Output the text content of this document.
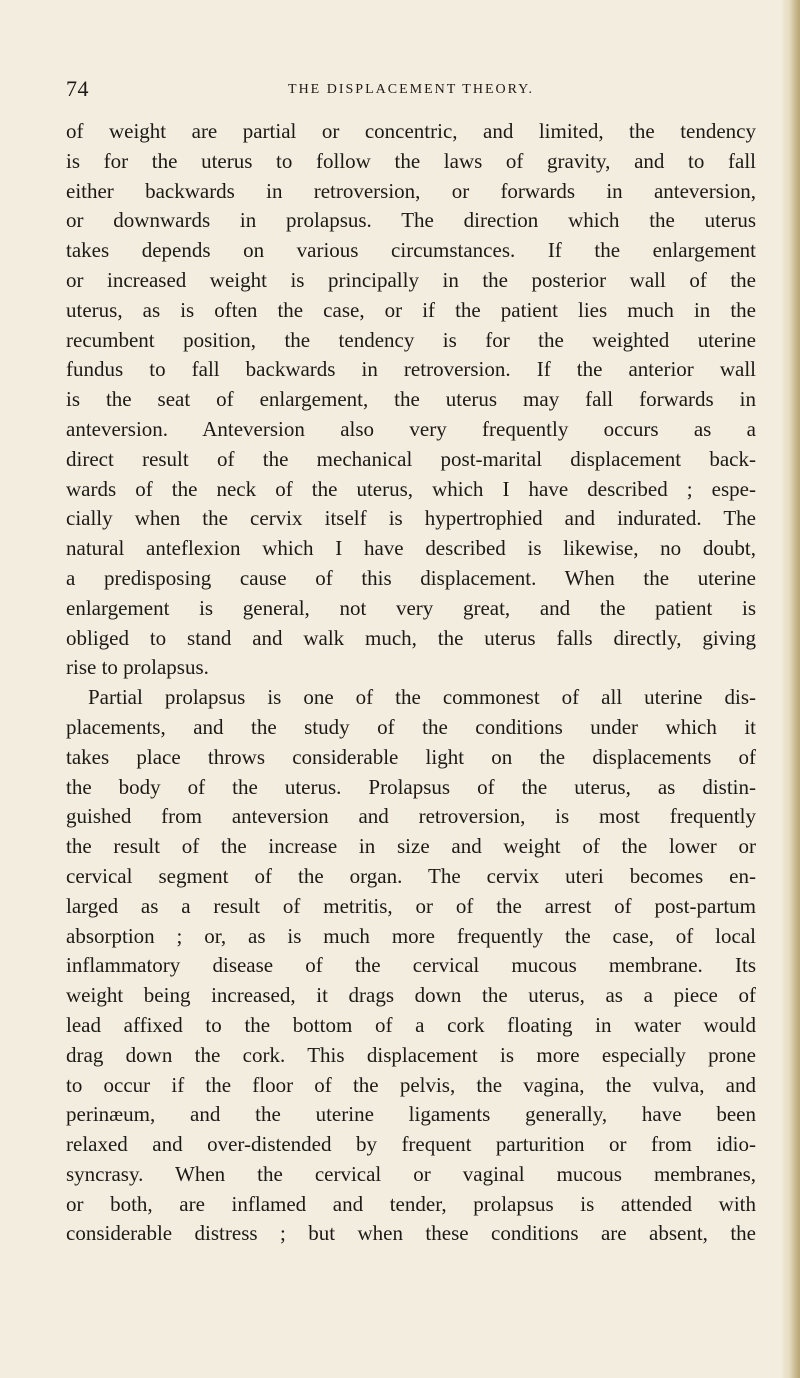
74	THE DISPLACEMENT THEORY.
of weight are partial or concentric, and limited, the tendency
is for the uterus to follow the laws of gravity, and to fall
either backwards in retroversion, or forwards in anteversion,
or downwards in prolapsus. The direction which the uterus
takes depends on various circumstances. If the enlargement
or increased weight is principally in the posterior wall of the
uterus, as is often the case, or if the patient lies much in the
recumbent position, the tendency is for the weighted uterine
fundus to fall backwards in retroversion. If the anterior wall
is the seat of enlargement, the uterus may fall forwards in
anteversion. Anteversion also very frequently occurs as a
direct result of the mechanical post-marital displacement back-
wards of the neck of the uterus, which I have described ; espe-
cially when the cervix itself is hypertrophied and indurated. The
natural anteflexion which I have described is likewise, no doubt,
a predisposing cause of this displacement. When the uterine
enlargement is general, not very great, and the patient is
obliged to stand and walk much, the uterus falls directly, giving
rise to prolapsus.
Partial prolapsus is one of the commonest of all uterine dis-
placements, and the study of the conditions under which it
takes place throws considerable light on the displacements of
the body of the uterus. Prolapsus of the uterus, as distin-
guished from anteversion and retroversion, is most frequently
the result of the increase in size and weight of the lower or
cervical segment of the organ. The cervix uteri becomes en-
larged as a result of metritis, or of the arrest of post-partum
absorption ; or, as is much more frequently the case, of local
inflammatory disease of the cervical mucous membrane. Its
weight being increased, it drags down the uterus, as a piece of
lead affixed to the bottom of a cork floating in water would
drag down the cork. This displacement is more especially prone
to occur if the floor of the pelvis, the vagina, the vulva, and
perinæum, and the uterine ligaments generally, have been
relaxed and over-distended by frequent parturition or from idio-
syncrasy. When the cervical or vaginal mucous membranes,
or both, are inflamed and tender, prolapsus is attended with
considerable distress ; but when these conditions are absent, the
